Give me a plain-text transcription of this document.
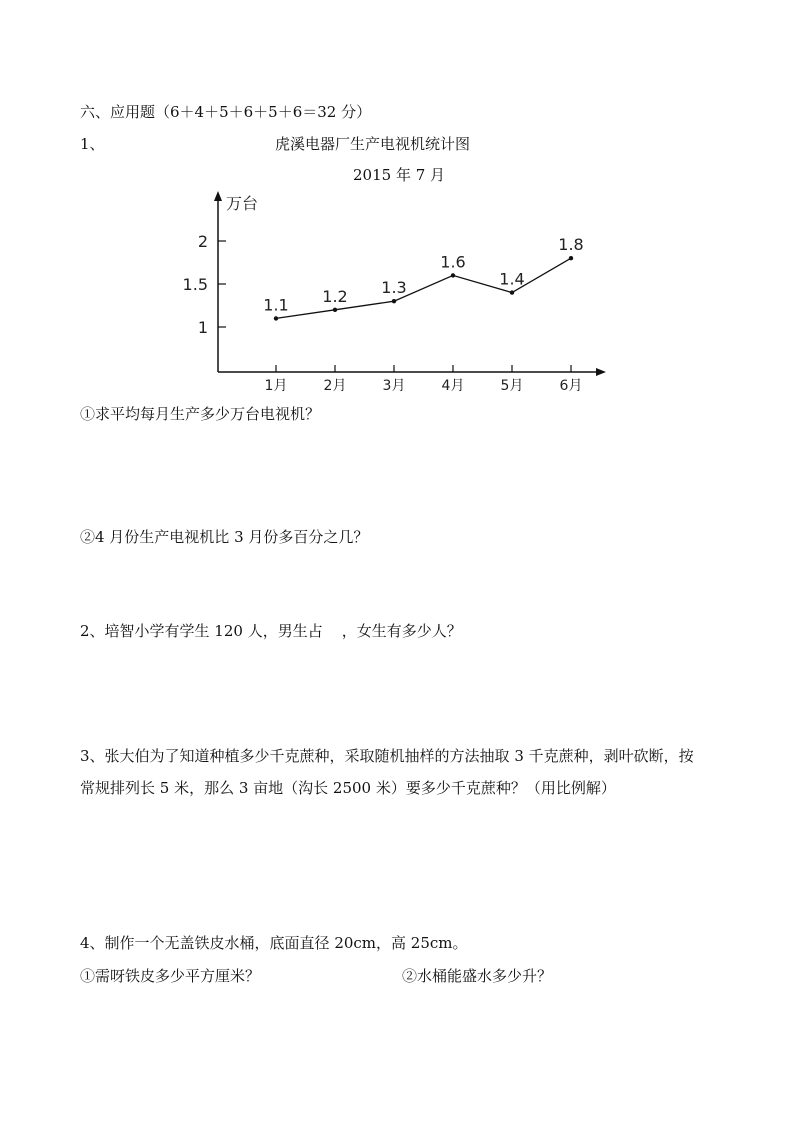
六、应用题（6＋4＋5＋6＋5＋6＝32 分）
1、	虎溪电器厂生产电视机统计图
2015 年 7 月
万台
1
1.5
2
1月	2月	3月	4月	5月	6月
1.1 1.2 1.3
1.6
1.4
1.8
①求平均每月生产多少万台电视机？
②4 月份生产电视机比 3 月份多百分之几？
2、培智小学有学生 120 人，男生占    ，女生有多少人？
3、张大伯为了知道种植多少千克蔗种，采取随机抽样的方法抽取 3 千克蔗种，剥叶砍断，按
常规排列长 5 米，那么 3 亩地（沟长 2500 米）要多少千克蔗种？（用比例解）
4、制作一个无盖铁皮水桶，底面直径 20cm，高 25cm。
①需呀铁皮多少平方厘米？	②水桶能盛水多少升？
